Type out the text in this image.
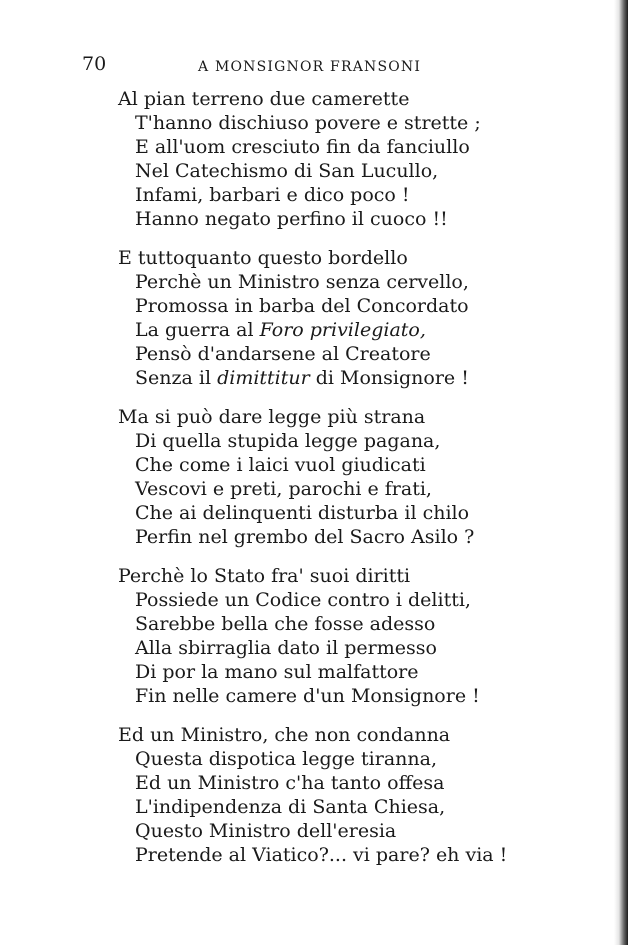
70	A MONSIGNOR FRANSONI
Al pian terreno due camerette
T'hanno dischiuso povere e strette ;
E all'uom cresciuto fin da fanciullo
Nel Catechismo di San Lucullo,
Infami, barbari e dico poco !
Hanno negato perfino il cuoco !!
E tuttoquanto questo bordello
Perchè un Ministro senza cervello,
Promossa in barba del Concordato
La guerra al Foro privilegiato,
Pensò d'andarsene al Creatore
Senza il dimittitur di Monsignore !
Ma si può dare legge più strana
Di quella stupida legge pagana,
Che come i laici vuol giudicati
Vescovi e preti, parochi e frati,
Che ai delinquenti disturba il chilo
Perfin nel grembo del Sacro Asilo ?
Perchè lo Stato fra' suoi diritti
Possiede un Codice contro i delitti,
Sarebbe bella che fosse adesso
Alla sbirraglia dato il permesso
Di por la mano sul malfattore
Fin nelle camere d'un Monsignore !
Ed un Ministro, che non condanna
Questa dispotica legge tiranna,
Ed un Ministro c'ha tanto offesa
L'indipendenza di Santa Chiesa,
Questo Ministro dell'eresia
Pretende al Viatico?... vi pare? eh via !
